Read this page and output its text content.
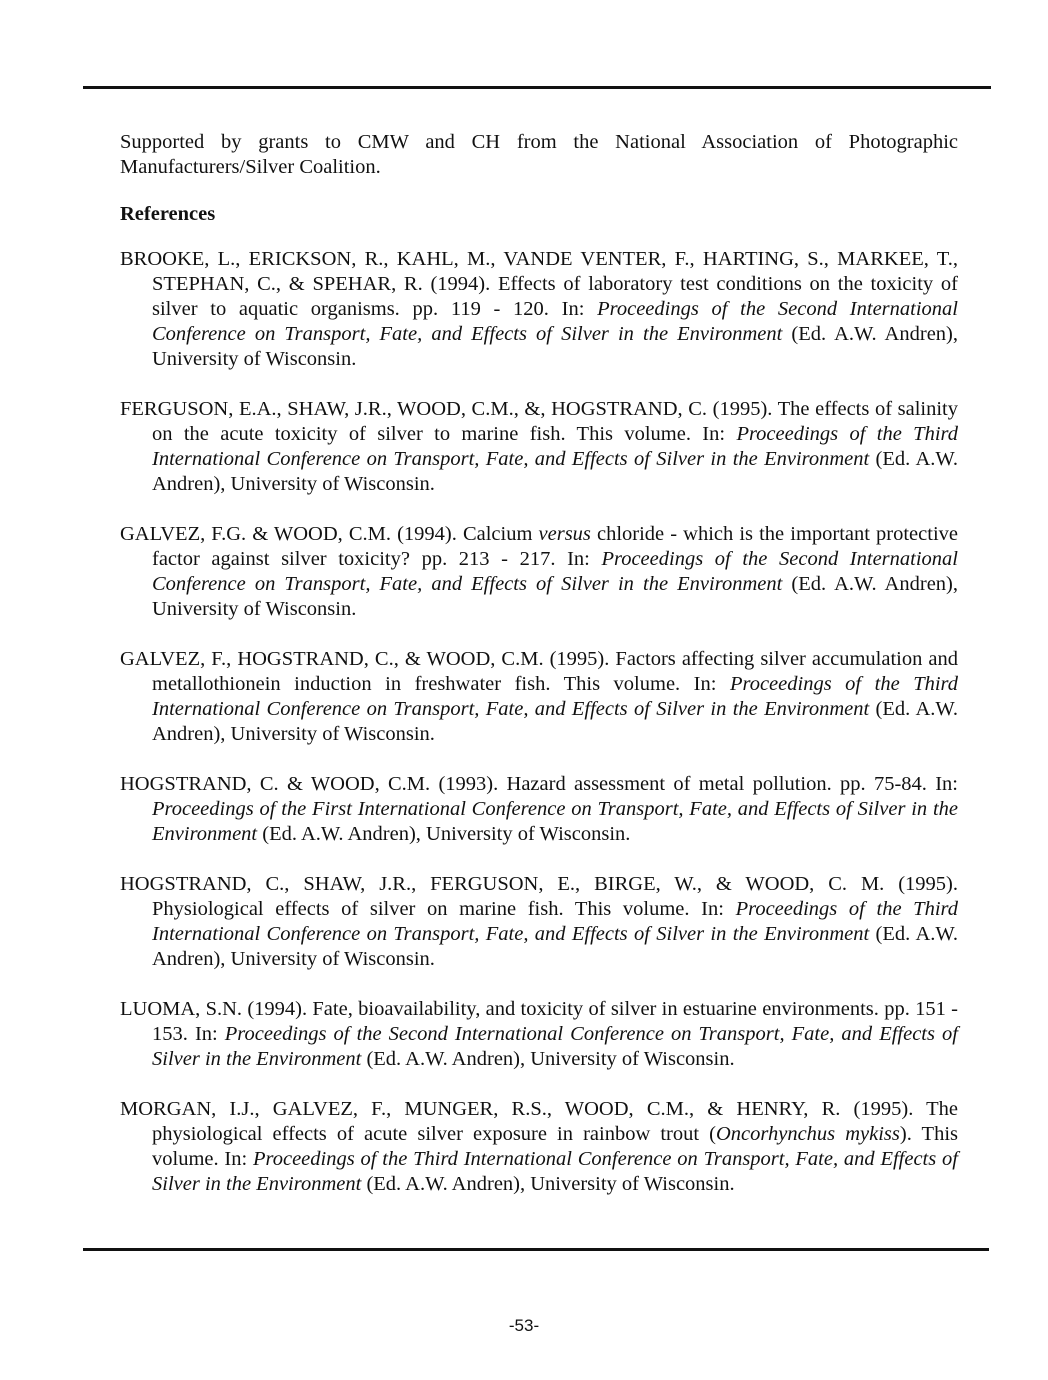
Supported by grants to CMW and CH from the National Association of Photographic Manufacturers/Silver Coalition.

References

BROOKE, L., ERICKSON, R., KAHL, M., VANDE VENTER, F., HARTING, S., MARKEE, T., STEPHAN, C., & SPEHAR, R. (1994). Effects of laboratory test conditions on the toxicity of silver to aquatic organisms. pp. 119 - 120. In: Proceedings of the Second International Conference on Transport, Fate, and Effects of Silver in the Environment (Ed. A.W. Andren), University of Wisconsin.

FERGUSON, E.A., SHAW, J.R., WOOD, C.M., &, HOGSTRAND, C. (1995). The effects of salinity on the acute toxicity of silver to marine fish. This volume. In: Proceedings of the Third International Conference on Transport, Fate, and Effects of Silver in the Environment (Ed. A.W. Andren), University of Wisconsin.

GALVEZ, F.G. & WOOD, C.M. (1994). Calcium versus chloride - which is the important protective factor against silver toxicity? pp. 213 - 217. In: Proceedings of the Second International Conference on Transport, Fate, and Effects of Silver in the Environment (Ed. A.W. Andren), University of Wisconsin.

GALVEZ, F., HOGSTRAND, C., & WOOD, C.M. (1995). Factors affecting silver accumulation and metallothionein induction in freshwater fish. This volume. In: Proceedings of the Third International Conference on Transport, Fate, and Effects of Silver in the Environment (Ed. A.W. Andren), University of Wisconsin.

HOGSTRAND, C. & WOOD, C.M. (1993). Hazard assessment of metal pollution. pp. 75-84. In: Proceedings of the First International Conference on Transport, Fate, and Effects of Silver in the Environment (Ed. A.W. Andren), University of Wisconsin.

HOGSTRAND, C., SHAW, J.R., FERGUSON, E., BIRGE, W., & WOOD, C. M. (1995). Physiological effects of silver on marine fish. This volume. In: Proceedings of the Third International Conference on Transport, Fate, and Effects of Silver in the Environment (Ed. A.W. Andren), University of Wisconsin.

LUOMA, S.N. (1994). Fate, bioavailability, and toxicity of silver in estuarine environments. pp. 151 - 153. In: Proceedings of the Second International Conference on Transport, Fate, and Effects of Silver in the Environment (Ed. A.W. Andren), University of Wisconsin.

MORGAN, I.J., GALVEZ, F., MUNGER, R.S., WOOD, C.M., & HENRY, R. (1995). The physiological effects of acute silver exposure in rainbow trout (Oncorhynchus mykiss). This volume. In: Proceedings of the Third International Conference on Transport, Fate, and Effects of Silver in the Environment (Ed. A.W. Andren), University of Wisconsin.

-53-
